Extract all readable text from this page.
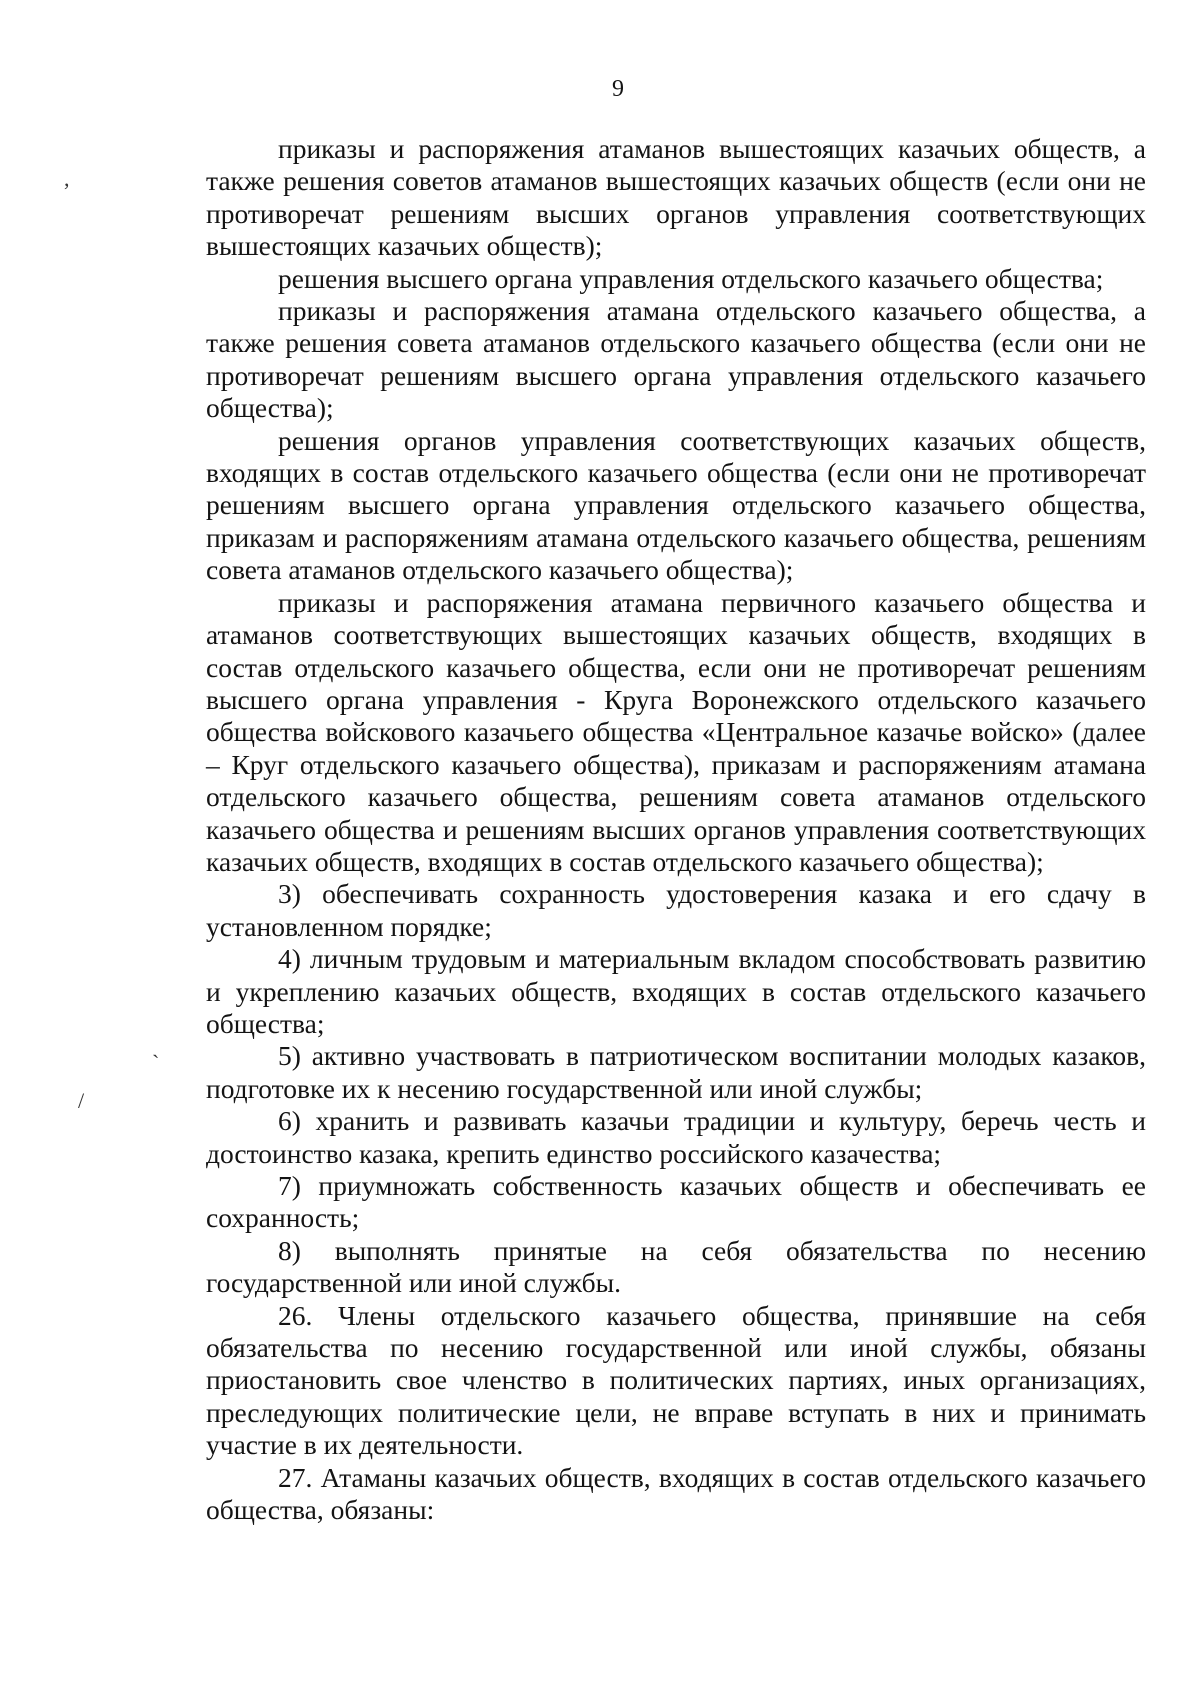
9

приказы и распоряжения атаманов вышестоящих казачьих обществ, а также решения советов атаманов вышестоящих казачьих обществ (если они не противоречат решениям высших органов управления соответствующих вышестоящих казачьих обществ);

решения высшего органа управления отдельского казачьего общества;

приказы и распоряжения атамана отдельского казачьего общества, а также решения совета атаманов отдельского казачьего общества (если они не противоречат решениям высшего органа управления отдельского казачьего общества);

решения органов управления соответствующих казачьих обществ, входящих в состав отдельского казачьего общества (если они не противоречат решениям высшего органа управления отдельского казачьего общества, приказам и распоряжениям атамана отдельского казачьего общества, решениям совета атаманов отдельского казачьего общества);

приказы и распоряжения атамана первичного казачьего общества и атаманов соответствующих вышестоящих казачьих обществ, входящих в состав отдельского казачьего общества, если они не противоречат решениям высшего органа управления - Круга Воронежского отдельского казачьего общества войскового казачьего общества «Центральное казачье войско» (далее – Круг отдельского казачьего общества), приказам и распоряжениям атамана отдельского казачьего общества, решениям совета атаманов отдельского казачьего общества и решениям высших органов управления соответствующих казачьих обществ, входящих в состав отдельского казачьего общества);

3) обеспечивать сохранность удостоверения казака и его сдачу в установленном порядке;

4) личным трудовым и материальным вкладом способствовать развитию и укреплению казачьих обществ, входящих в состав отдельского казачьего общества;

5) активно участвовать в патриотическом воспитании молодых казаков, подготовке их к несению государственной или иной службы;

6) хранить и развивать казачьи традиции и культуру, беречь честь и достоинство казака, крепить единство российского казачества;

7) приумножать собственность казачьих обществ и обеспечивать ее сохранность;

8) выполнять принятые на себя обязательства по несению государственной или иной службы.

26. Члены отдельского казачьего общества, принявшие на себя обязательства по несению государственной или иной службы, обязаны приостановить свое членство в политических партиях, иных организациях, преследующих политические цели, не вправе вступать в них и принимать участие в их деятельности.

27. Атаманы казачьих обществ, входящих в состав отдельского казачьего общества, обязаны:

,
`
/
